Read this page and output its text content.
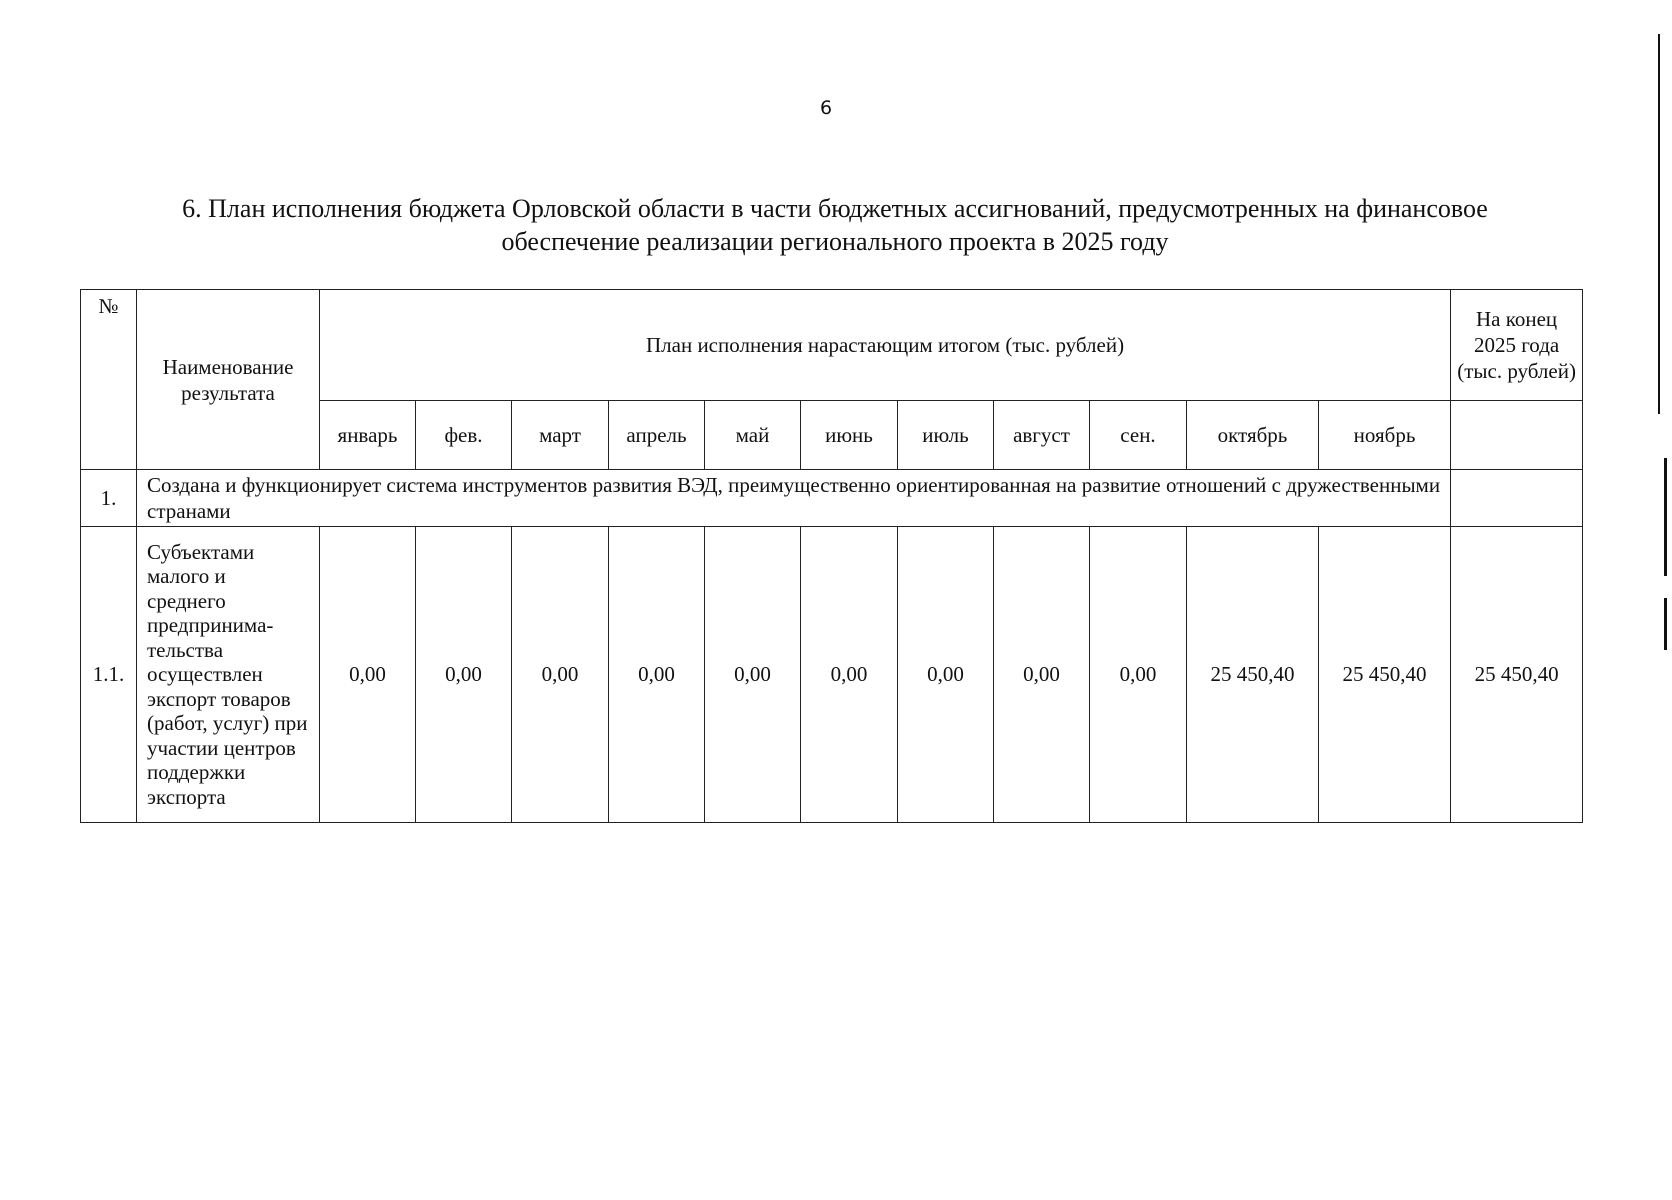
6
6. План исполнения бюджета Орловской области в части бюджетных ассигнований, предусмотренных на финансовое
обеспечение реализации регионального проекта в 2025 году
№	Наименование результата	План исполнения нарастающим итогом (тыс. рублей)											На конец 2025 года (тыс. рублей)
		январь	фев.	март	апрель	май	июнь	июль	август	сен.	октябрь	ноябрь	
1.	Создана и функционирует система инструментов развития ВЭД, преимущественно ориентированная на развитие отношений с дружественными странами												
1.1.	Субъектами малого и среднего предпринима-тельства осуществлен экспорт товаров (работ, услуг) при участии центров поддержки экспорта	0,00	0,00	0,00	0,00	0,00	0,00	0,00	0,00	0,00	25 450,40	25 450,40	25 450,40
